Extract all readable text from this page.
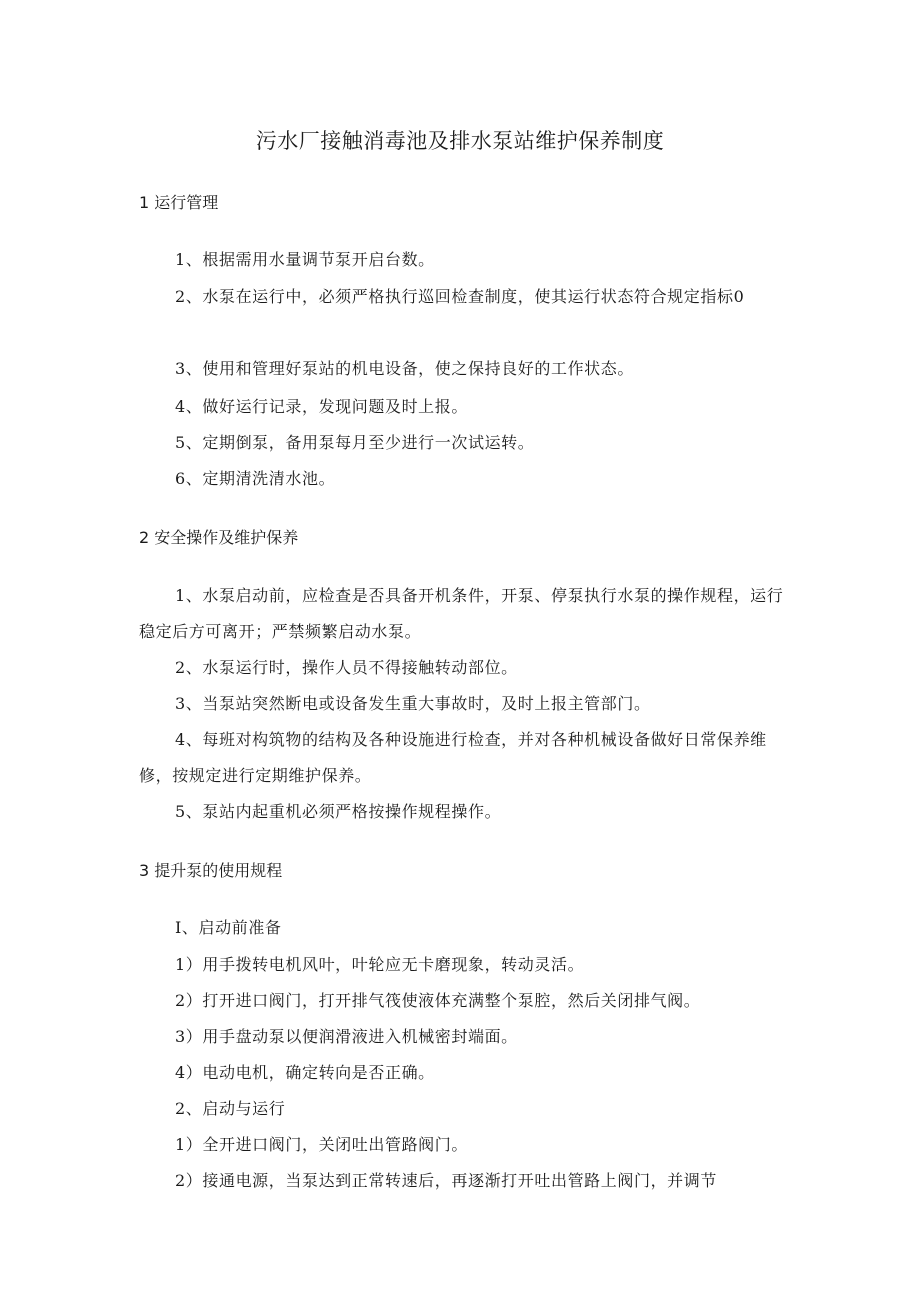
污水厂接触消毒池及排水泵站维护保养制度
1 运行管理
1、根据需用水量调节泵开启台数。
2、水泵在运行中，必须严格执行巡回检查制度，使其运行状态符合规定指标0
3、使用和管理好泵站的机电设备，使之保持良好的工作状态。
4、做好运行记录，发现问题及时上报。
5、定期倒泵，备用泵每月至少进行一次试运转。
6、定期清洗清水池。
2 安全操作及维护保养
1、水泵启动前，应检查是否具备开机条件，开泵、停泵执行水泵的操作规程，运行稳定后方可离开；严禁频繁启动水泵。
2、水泵运行时，操作人员不得接触转动部位。
3、当泵站突然断电或设备发生重大事故时，及时上报主管部门。
4、每班对构筑物的结构及各种设施进行检查，并对各种机械设备做好日常保养维修，按规定进行定期维护保养。
5、泵站内起重机必须严格按操作规程操作。
3 提升泵的使用规程
I、启动前准备
1）用手拨转电机风叶，叶轮应无卡磨现象，转动灵活。
2）打开进口阀门，打开排气筏使液体充满整个泵腔，然后关闭排气阀。
3）用手盘动泵以便润滑液进入机械密封端面。
4）电动电机，确定转向是否正确。
2、启动与运行
1）全开进口阀门，关闭吐出管路阀门。
2）接通电源，当泵达到正常转速后，再逐渐打开吐出管路上阀门，并调节
